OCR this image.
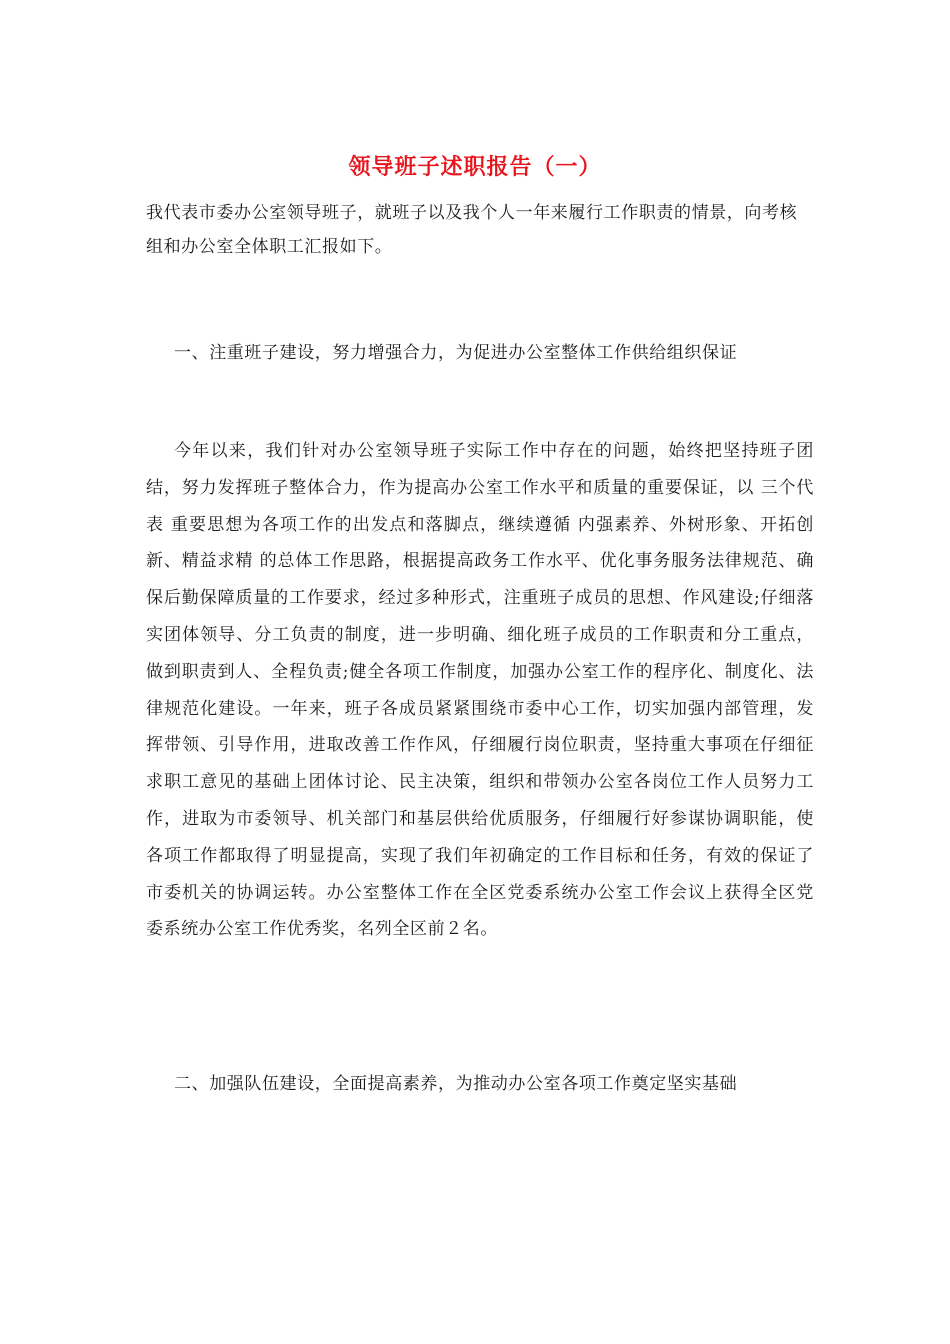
领导班子述职报告（一）
我代表市委办公室领导班子，就班子以及我个人一年来履行工作职责的情景，向考核组和办公室全体职工汇报如下。
一、注重班子建设，努力增强合力，为促进办公室整体工作供给组织保证
今年以来，我们针对办公室领导班子实际工作中存在的问题，始终把坚持班子团结，努力发挥班子整体合力，作为提高办公室工作水平和质量的重要保证，以 三个代表 重要思想为各项工作的出发点和落脚点，继续遵循 内强素养、外树形象、开拓创新、精益求精 的总体工作思路，根据提高政务工作水平、优化事务服务法律规范、确保后勤保障质量的工作要求，经过多种形式，注重班子成员的思想、作风建设;仔细落实团体领导、分工负责的制度，进一步明确、细化班子成员的工作职责和分工重点，做到职责到人、全程负责;健全各项工作制度，加强办公室工作的程序化、制度化、法律规范化建设。一年来，班子各成员紧紧围绕市委中心工作，切实加强内部管理，发挥带领、引导作用，进取改善工作作风，仔细履行岗位职责，坚持重大事项在仔细征求职工意见的基础上团体讨论、民主决策，组织和带领办公室各岗位工作人员努力工作，进取为市委领导、机关部门和基层供给优质服务，仔细履行好参谋协调职能，使各项工作都取得了明显提高，实现了我们年初确定的工作目标和任务，有效的保证了市委机关的协调运转。办公室整体工作在全区党委系统办公室工作会议上获得全区党委系统办公室工作优秀奖，名列全区前２名。
二、加强队伍建设，全面提高素养，为推动办公室各项工作奠定坚实基础
